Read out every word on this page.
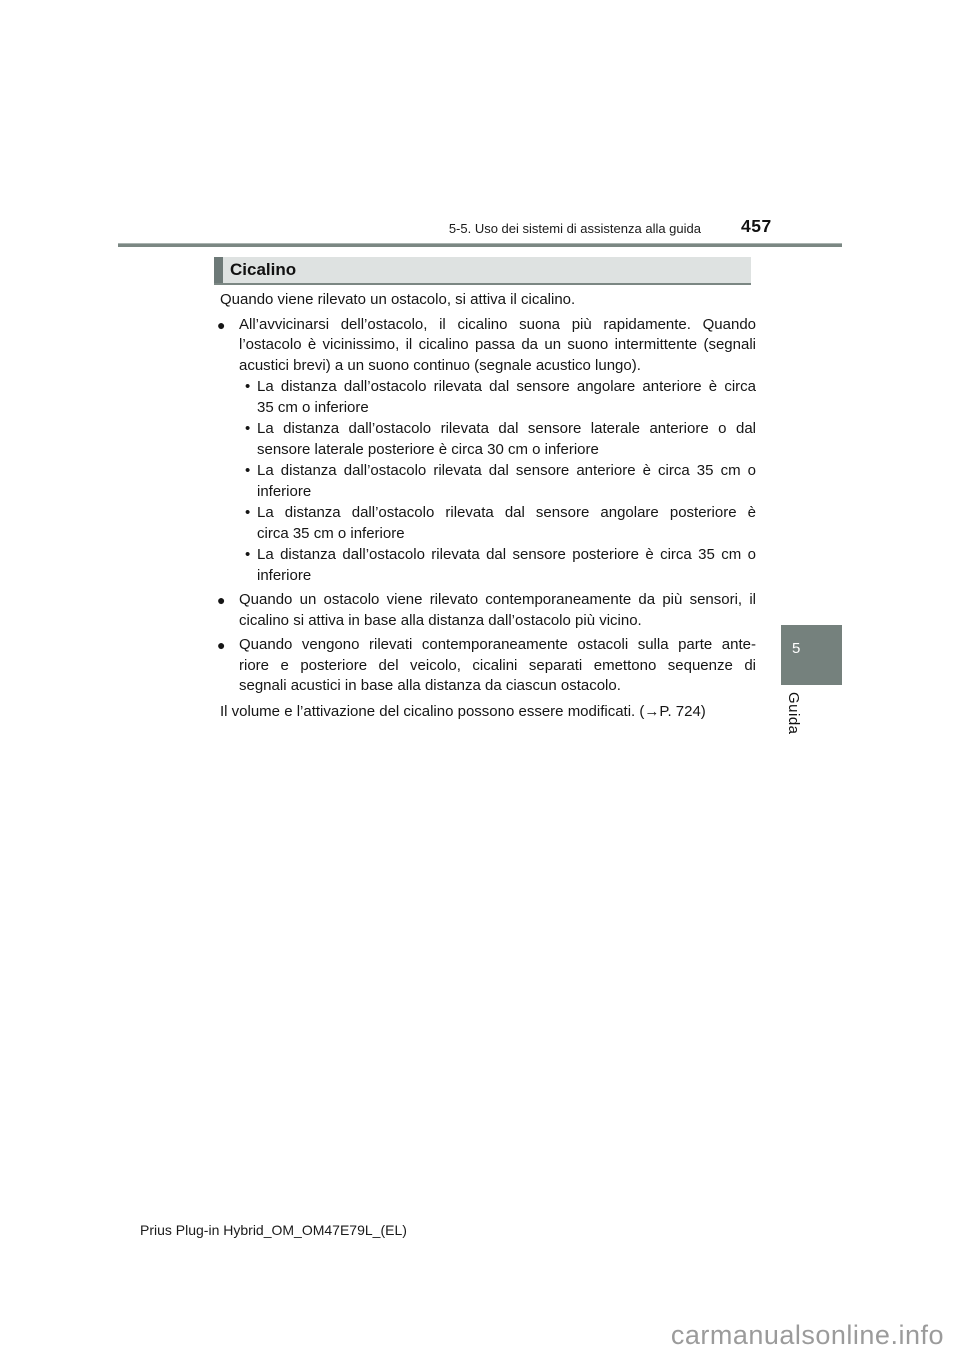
5-5. Uso dei sistemi di assistenza alla guida 457
Cicalino
Quando viene rilevato un ostacolo, si attiva il cicalino.
● All’avvicinarsi dell’ostacolo, il cicalino suona più rapidamente. Quando
l’ostacolo è vicinissimo, il cicalino passa da un suono intermittente (segnali
acustici brevi) a un suono continuo (segnale acustico lungo).
• La distanza dall’ostacolo rilevata dal sensore angolare anteriore è circa
35 cm o inferiore
• La distanza dall’ostacolo rilevata dal sensore laterale anteriore o dal
sensore laterale posteriore è circa 30 cm o inferiore
• La distanza dall’ostacolo rilevata dal sensore anteriore è circa 35 cm o
inferiore
• La distanza dall’ostacolo rilevata dal sensore angolare posteriore è
circa 35 cm o inferiore
• La distanza dall’ostacolo rilevata dal sensore posteriore è circa 35 cm o
inferiore
● Quando un ostacolo viene rilevato contemporaneamente da più sensori, il
cicalino si attiva in base alla distanza dall’ostacolo più vicino.
● Quando vengono rilevati contemporaneamente ostacoli sulla parte ante-
riore e posteriore del veicolo, cicalini separati emettono sequenze di
segnali acustici in base alla distanza da ciascun ostacolo.
Il volume e l’attivazione del cicalino possono essere modificati. (→P. 724)
5
Guida
Prius Plug-in Hybrid_OM_OM47E79L_(EL)
carmanualsonline.info
